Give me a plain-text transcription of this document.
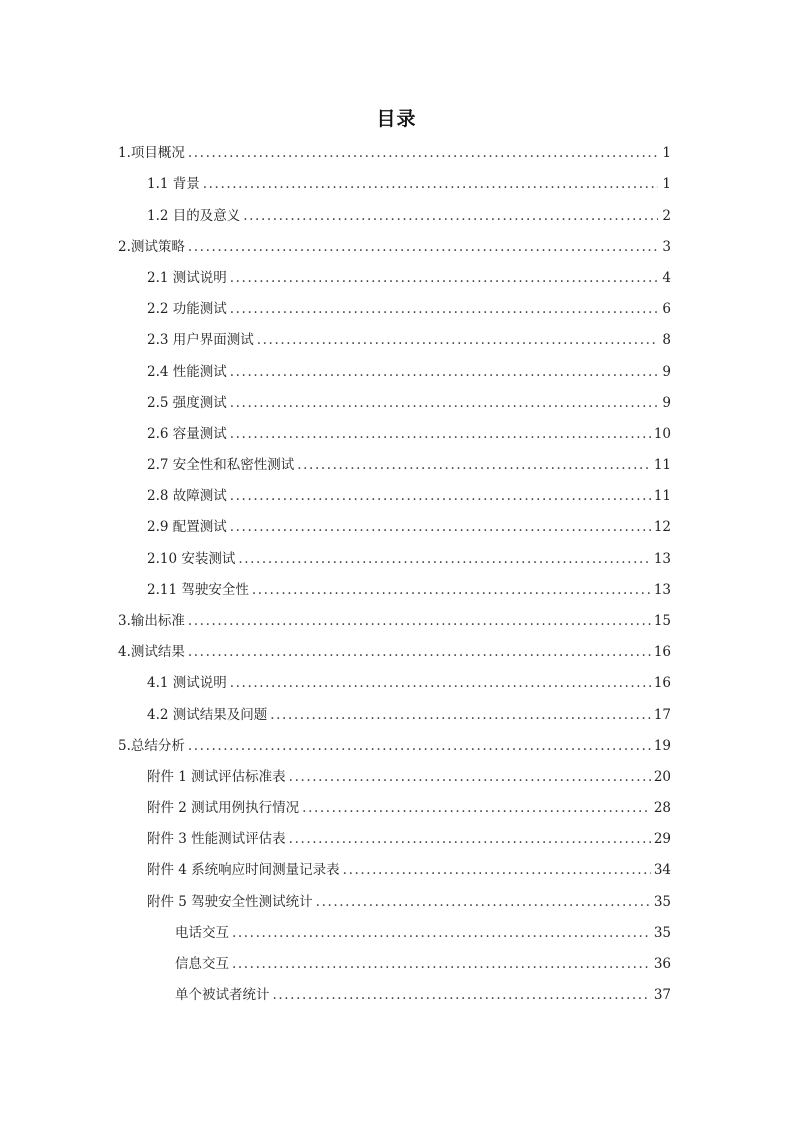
目录
1.项目概况 .....	1
1.1 背景 .....	1
1.2 目的及意义 .....	2
2.测试策略 .....	3
2.1 测试说明 .....	4
2.2 功能测试 .....	6
2.3 用户界面测试 .....	8
2.4 性能测试 .....	9
2.5 强度测试 .....	9
2.6 容量测试 .....	10
2.7 安全性和私密性测试 .....	11
2.8 故障测试 .....	11
2.9 配置测试 .....	12
2.10 安装测试 .....	13
2.11 驾驶安全性 .....	13
3.输出标准 .....	15
4.测试结果 .....	16
4.1 测试说明 .....	16
4.2 测试结果及问题 .....	17
5.总结分析 .....	19
附件 1 测试评估标准表 .....	20
附件 2 测试用例执行情况 .....	28
附件 3 性能测试评估表 .....	29
附件 4 系统响应时间测量记录表 .....	34
附件 5 驾驶安全性测试统计 .....	35
电话交互 .....	35
信息交互 .....	36
单个被试者统计 .....	37
